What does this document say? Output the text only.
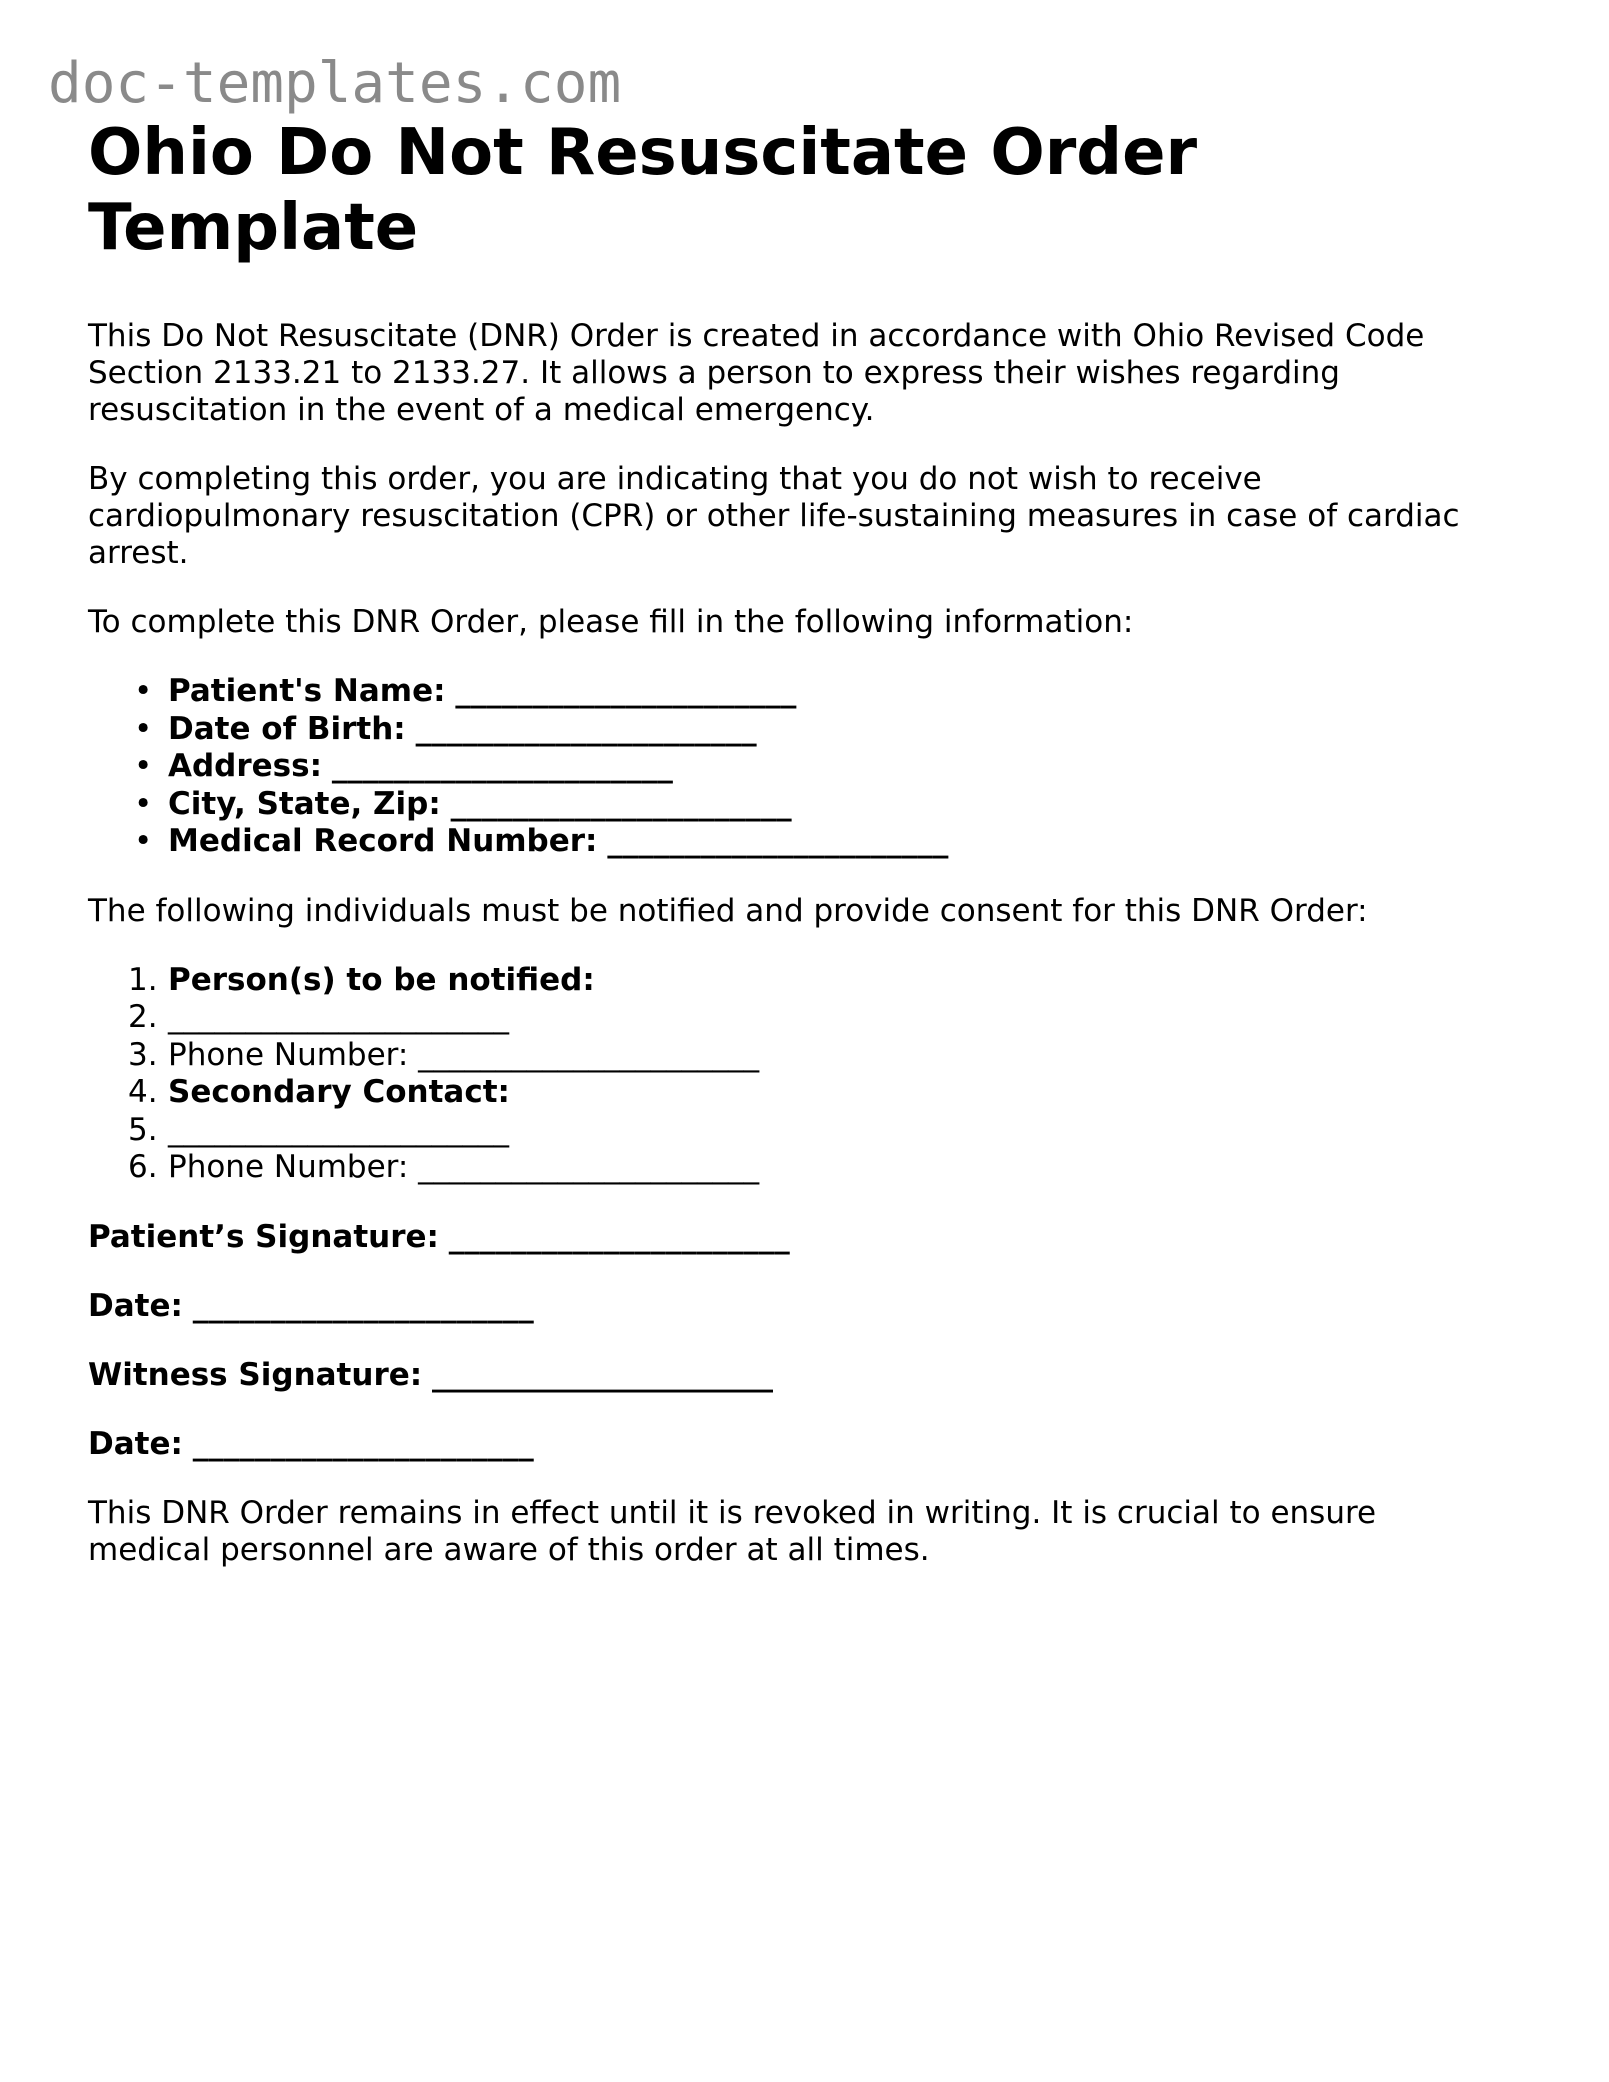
doc-templates.com
Ohio Do Not Resuscitate Order Template

This Do Not Resuscitate (DNR) Order is created in accordance with Ohio Revised Code
Section 2133.21 to 2133.27. It allows a person to express their wishes regarding
resuscitation in the event of a medical emergency.

By completing this order, you are indicating that you do not wish to receive
cardiopulmonary resuscitation (CPR) or other life-sustaining measures in case of cardiac
arrest.

To complete this DNR Order, please fill in the following information:

• Patient's Name: ______________________
• Date of Birth: ______________________
• Address: ______________________
• City, State, Zip: ______________________
• Medical Record Number: ______________________

The following individuals must be notified and provide consent for this DNR Order:

1. Person(s) to be notified:
2. ______________________
3. Phone Number: ______________________
4. Secondary Contact:
5. ______________________
6. Phone Number: ______________________

Patient’s Signature: ______________________

Date: ______________________

Witness Signature: ______________________

Date: ______________________

This DNR Order remains in effect until it is revoked in writing. It is crucial to ensure
medical personnel are aware of this order at all times.
